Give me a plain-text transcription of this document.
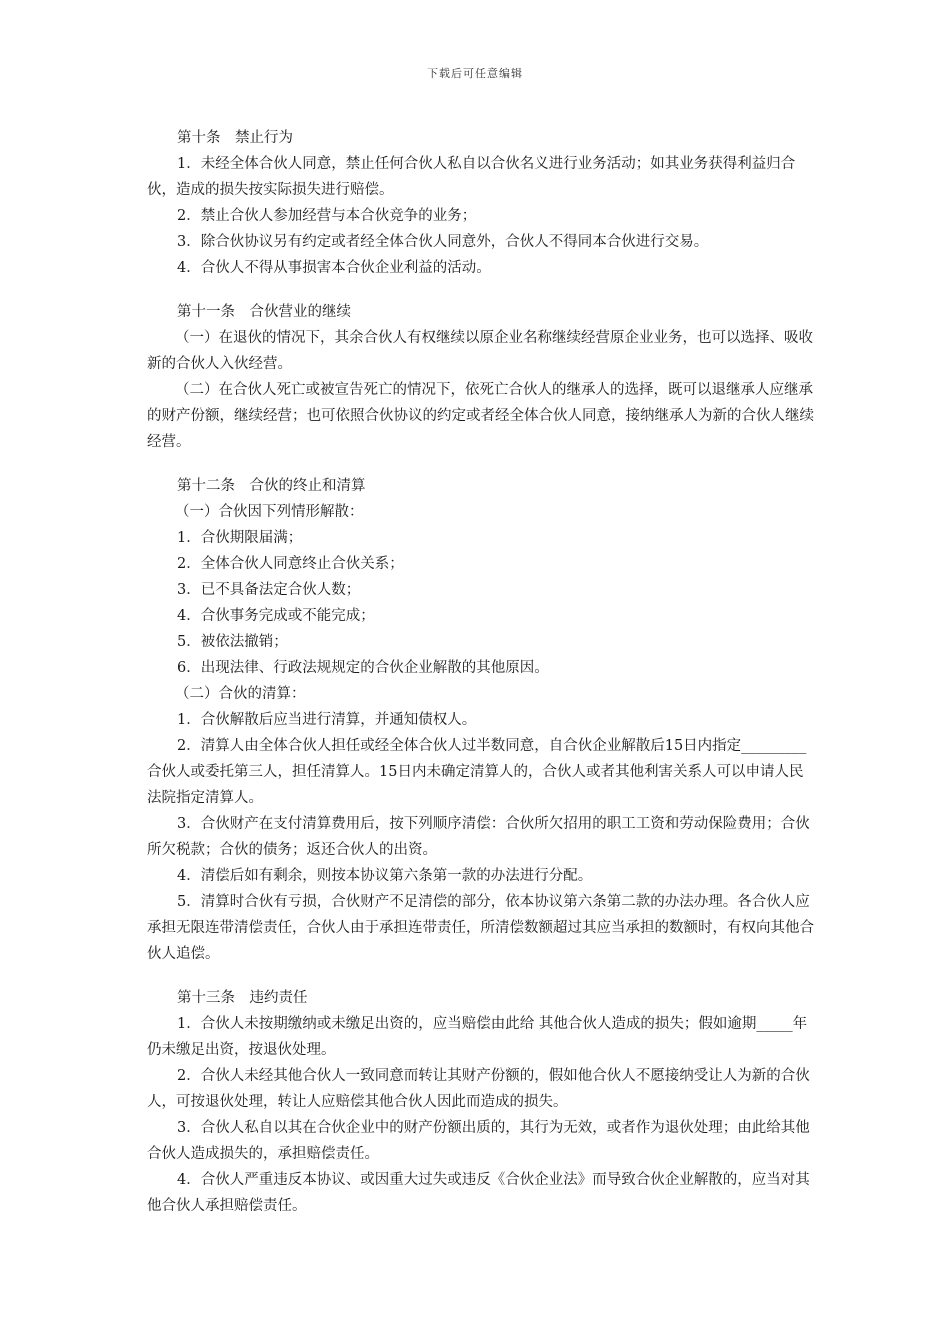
下载后可任意编辑

第十条　禁止行为

1．未经全体合伙人同意，禁止任何合伙人私自以合伙名义进行业务活动；如其业务获得利益归合伙，造成的损失按实际损失进行赔偿。

2．禁止合伙人参加经营与本合伙竞争的业务；

3．除合伙协议另有约定或者经全体合伙人同意外，合伙人不得同本合伙进行交易。

4．合伙人不得从事损害本合伙企业利益的活动。

第十一条　合伙营业的继续

（一）在退伙的情况下，其余合伙人有权继续以原企业名称继续经营原企业业务，也可以选择、吸收新的合伙人入伙经营。

（二）在合伙人死亡或被宣告死亡的情况下，依死亡合伙人的继承人的选择，既可以退继承人应继承的财产份额，继续经营；也可依照合伙协议的约定或者经全体合伙人同意，接纳继承人为新的合伙人继续经营。

第十二条　合伙的终止和清算

（一）合伙因下列情形解散：

1．合伙期限届满；

2．全体合伙人同意终止合伙关系；

3．已不具备法定合伙人数；

4．合伙事务完成或不能完成；

5．被依法撤销；

6．出现法律、行政法规规定的合伙企业解散的其他原因。

（二）合伙的清算：

1．合伙解散后应当进行清算，并通知债权人。

2．清算人由全体合伙人担任或经全体合伙人过半数同意，自合伙企业解散后15日内指定_________合伙人或委托第三人，担任清算人。15日内未确定清算人的，合伙人或者其他利害关系人可以申请人民法院指定清算人。

3．合伙财产在支付清算费用后，按下列顺序清偿：合伙所欠招用的职工工资和劳动保险费用；合伙所欠税款；合伙的债务；返还合伙人的出资。

4．清偿后如有剩余，则按本协议第六条第一款的办法进行分配。

5．清算时合伙有亏损，合伙财产不足清偿的部分，依本协议第六条第二款的办法办理。各合伙人应承担无限连带清偿责任，合伙人由于承担连带责任，所清偿数额超过其应当承担的数额时，有权向其他合伙人追偿。

第十三条　违约责任

1．合伙人未按期缴纳或未缴足出资的，应当赔偿由此给 其他合伙人造成的损失；假如逾期_____年仍未缴足出资，按退伙处理。

2．合伙人未经其他合伙人一致同意而转让其财产份额的，假如他合伙人不愿接纳受让人为新的合伙人，可按退伙处理，转让人应赔偿其他合伙人因此而造成的损失。

3．合伙人私自以其在合伙企业中的财产份额出质的，其行为无效，或者作为退伙处理；由此给其他合伙人造成损失的，承担赔偿责任。

4．合伙人严重违反本协议、或因重大过失或违反《合伙企业法》而导致合伙企业解散的，应当对其他合伙人承担赔偿责任。
